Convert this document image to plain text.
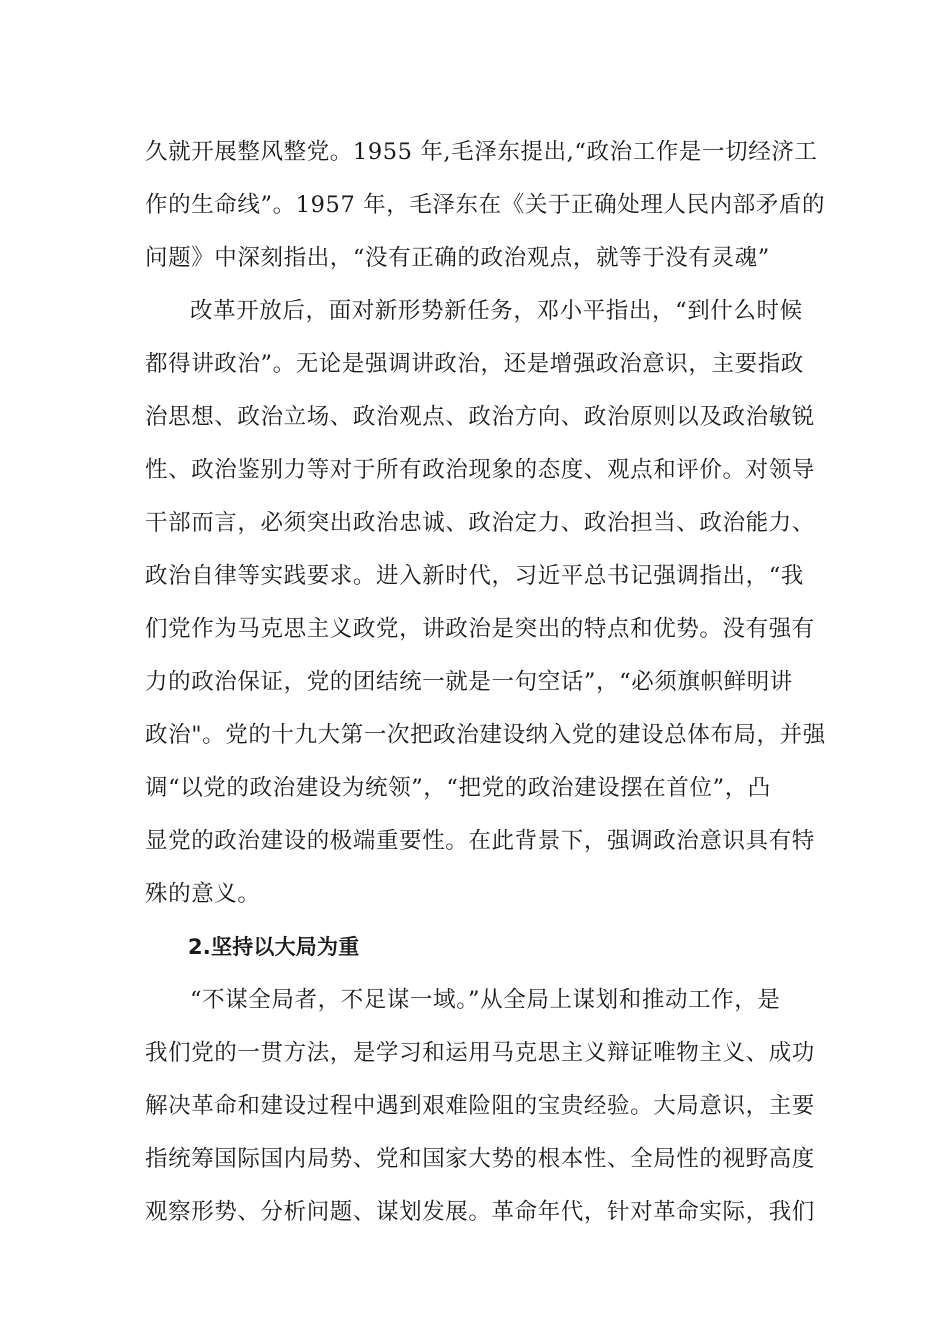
久就开展整风整党。1955 年,毛泽东提出,“政治工作是一切经济工
作的生命线”。1957 年，毛泽东在《关于正确处理人民内部矛盾的
问题》中深刻指出，“没有正确的政治观点，就等于没有灵魂”
改革开放后，面对新形势新任务，邓小平指出，“到什么时候
都得讲政治”。无论是强调讲政治，还是增强政治意识，主要指政
治思想、政治立场、政治观点、政治方向、政治原则以及政治敏锐
性、政治鉴别力等对于所有政治现象的态度、观点和评价。对领导
干部而言，必须突出政治忠诚、政治定力、政治担当、政治能力、
政治自律等实践要求。进入新时代，习近平总书记强调指出，“我
们党作为马克思主义政党，讲政治是突出的特点和优势。没有强有
力的政治保证，党的团结统一就是一句空话”，“必须旗帜鲜明讲
政治"。党的十九大第一次把政治建设纳入党的建设总体布局，并强
调“以党的政治建设为统领”，“把党的政治建设摆在首位”，凸
显党的政治建设的极端重要性。在此背景下，强调政治意识具有特
殊的意义。
2.坚持以大局为重
“不谋全局者，不足谋一域。”从全局上谋划和推动工作，是
我们党的一贯方法，是学习和运用马克思主义辩证唯物主义、成功
解决革命和建设过程中遇到艰难险阻的宝贵经验。大局意识，主要
指统筹国际国内局势、党和国家大势的根本性、全局性的视野高度
观察形势、分析问题、谋划发展。革命年代，针对革命实际，我们
